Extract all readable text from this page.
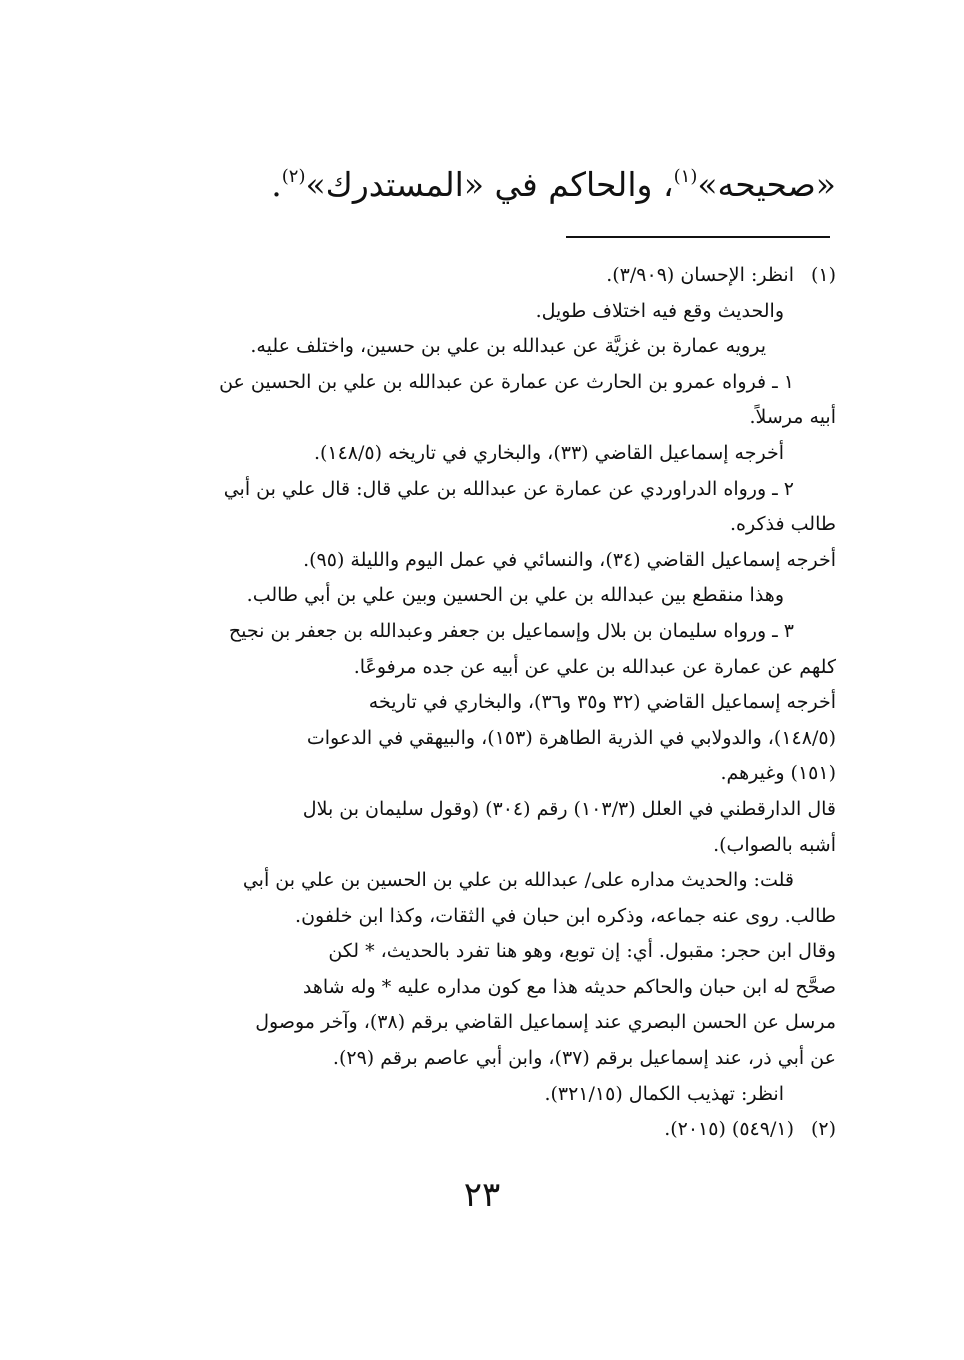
«صحيحه»$^{(١)}$، والحاكم في «المستدرك»$^{(٢)}$.
(١)
انظر: الإحسان (٣/٩٠٩).
والحديث وقع فيه اختلاف طويل.
يرويه عمارة بن غزيَّة عن عبدالله بن علي بن حسين، واختلف عليه.
١ ـ فرواه عمرو بن الحارث عن عمارة عن عبدالله بن علي بن الحسين عن
أبيه مرسلاً.
أخرجه إسماعيل القاضي (٣٣)، والبخاري في تاريخه (١٤٨/٥).
٢ ـ ورواه الدراوردي عن عمارة عن عبدالله بن علي قال: قال علي بن أبي
طالب فذكره.
أخرجه إسماعيل القاضي (٣٤)، والنسائي في عمل اليوم والليلة (٩٥).
وهذا منقطع بين عبدالله بن علي بن الحسين وبين علي بن أبي طالب.
٣ ـ ورواه سليمان بن بلال وإسماعيل بن جعفر وعبدالله بن جعفر بن نجيح
كلهم عن عمارة عن عبدالله بن علي عن أبيه عن جده مرفوعًا.
أخرجه إسماعيل القاضي (٣٢ و٣٥ و٣٦)، والبخاري في تاريخه
(١٤٨/٥)، والدولابي في الذرية الطاهرة (١٥٣)، والبيهقي في الدعوات
(١٥١) وغيرهم.
قال الدارقطني في العلل (١٠٣/٣) رقم (٣٠٤) (وقول سليمان بن بلال
أشبه بالصواب).
قلت: والحديث مداره على/ عبدالله بن علي بن الحسين بن علي بن أبي
طالب. روى عنه جماعه، وذكره ابن حبان في الثقات، وكذا ابن خلفون.
وقال ابن حجر: مقبول. أي: إن توبع، وهو هنا تفرد بالحديث، * لكن
صحَّح له ابن حبان والحاكم حديثه هذا مع كون مداره عليه * وله شاهد
مرسل عن الحسن البصري عند إسماعيل القاضي برقم (٣٨)، وآخر موصول
عن أبي ذر، عند إسماعيل برقم (٣٧)، وابن أبي عاصم برقم (٢٩).
انظر: تهذيب الكمال (٣٢١/١٥).
(٢)
(٥٤٩/١) (٢٠١٥).
٢٣
